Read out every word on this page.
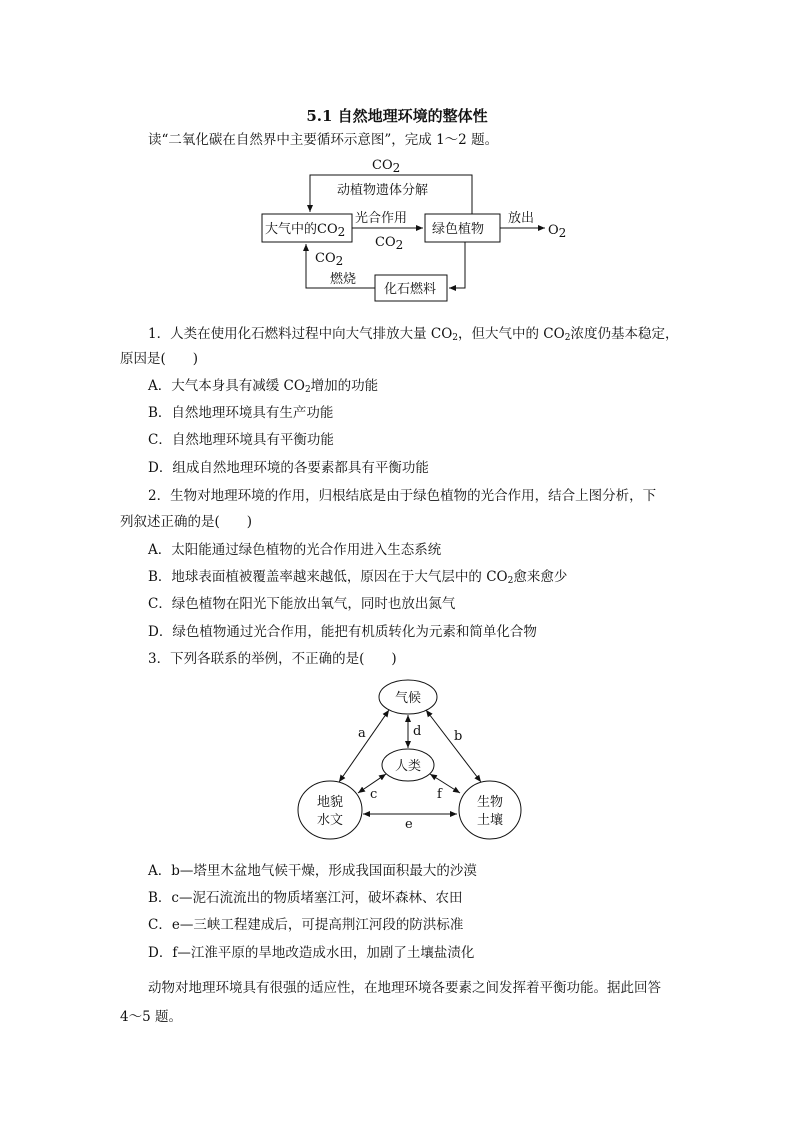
5.1 自然地理环境的整体性
读“二氧化碳在自然界中主要循环示意图”，完成 1～2 题。
CO2
动植物遗体分解
大气中的CO2
光合作用
CO2
绿色植物
放出
O2
CO2
燃烧
化石燃料
1．人类在使用化石燃料过程中向大气排放大量 $CO_2$，但大气中的 $CO_2$浓度仍基本稳定，
原因是(　　)
A．大气本身具有减缓 $CO_2$增加的功能
B．自然地理环境具有生产功能
C．自然地理环境具有平衡功能
D．组成自然地理环境的各要素都具有平衡功能
2．生物对地理环境的作用，归根结底是由于绿色植物的光合作用，结合上图分析，下
列叙述正确的是(　　)
A．太阳能通过绿色植物的光合作用进入生态系统
B．地球表面植被覆盖率越来越低，原因在于大气层中的 $CO_2$愈来愈少
C．绿色植物在阳光下能放出氧气，同时也放出氮气
D．绿色植物通过光合作用，能把有机质转化为元素和简单化合物
3．下列各联系的举例，不正确的是(　　)
气候
人类
地貌
水文
生物
土壤
a	b
d
c	f
e
A．b—塔里木盆地气候干燥，形成我国面积最大的沙漠
B．c—泥石流流出的物质堵塞江河，破坏森林、农田
C．e—三峡工程建成后，可提高荆江河段的防洪标准
D．f—江淮平原的旱地改造成水田，加剧了土壤盐渍化
动物对地理环境具有很强的适应性，在地理环境各要素之间发挥着平衡功能。据此回答
4～5 题。
